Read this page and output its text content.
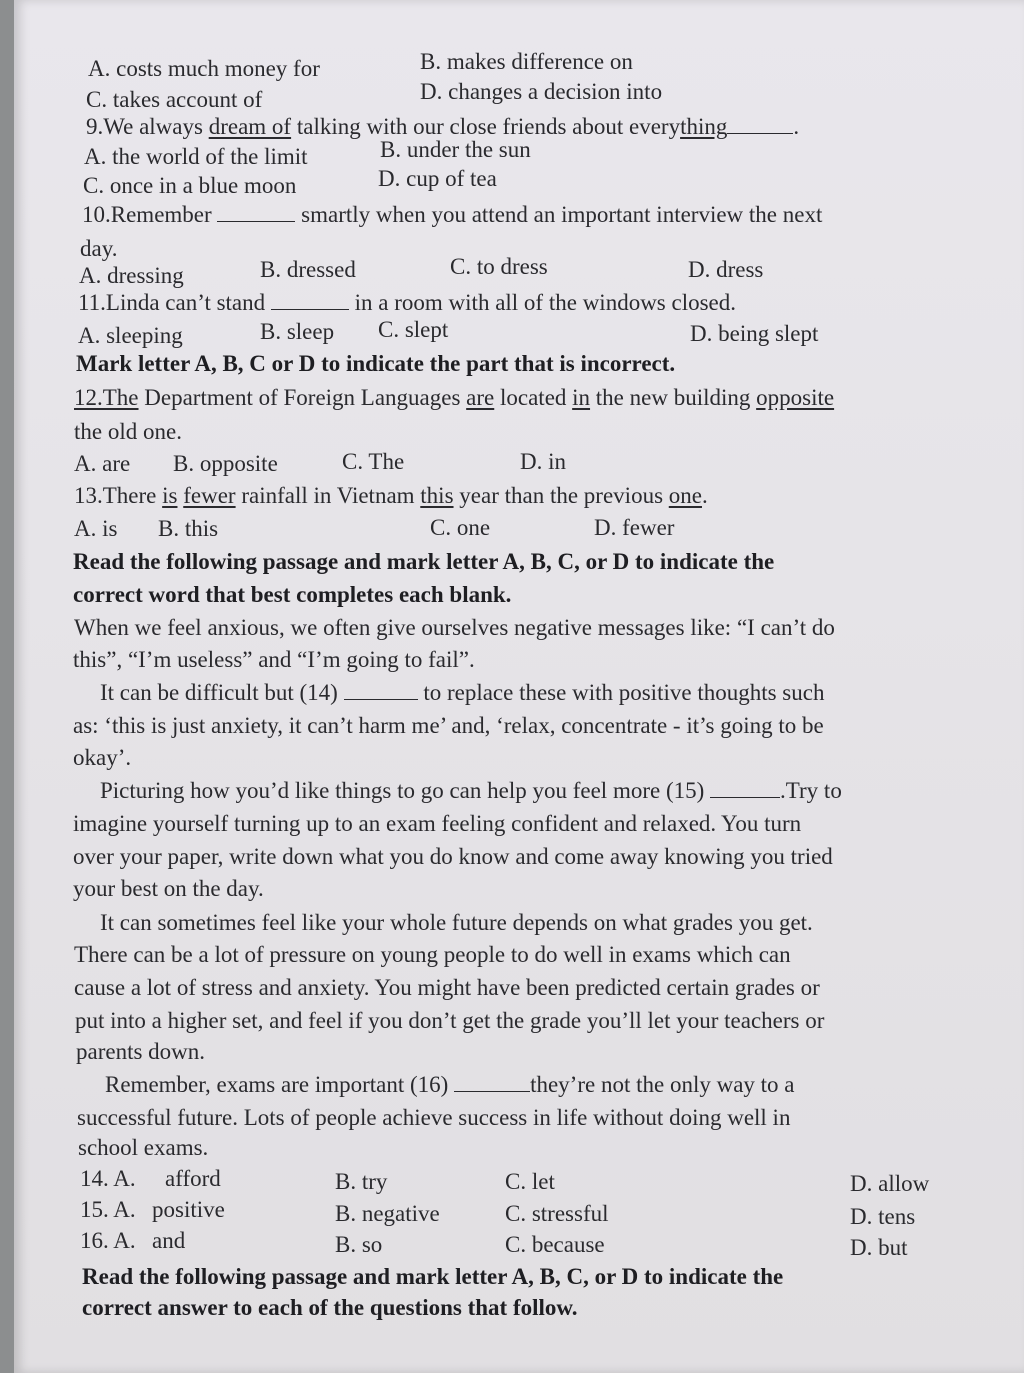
A. costs much money for	B. makes difference on
C. takes account of	D. changes a decision into
9.We always dream of talking with our close friends about everything	.
A. the world of the limit	B. under the sun
C. once in a blue moon	D. cup of tea
10.Remember	smartly when you attend an important interview the next
day.
A. dressing	B. dressed	C. to dress	D. dress
11.Linda can’t stand	in a room with all of the windows closed.
A. sleeping	B. sleep C. slept	D. being slept
Mark letter A, B, C or D to indicate the part that is incorrect.
12.The Department of Foreign Languages are located in the new building opposite
the old one.
A. are B. opposite	C. The	D. in
13.There is fewer rainfall in Vietnam this year than the previous one.
A. is B. this	C. one	D. fewer
Read the following passage and mark letter A, B, C, or D to indicate the
correct word that best completes each blank.
When we feel anxious, we often give ourselves negative messages like: “I can’t do
this”, “I’m useless” and “I’m going to fail”.
It can be difficult but (14)	to replace these with positive thoughts such
as: ‘this is just anxiety, it can’t harm me’ and, ‘relax, concentrate - it’s going to be
okay’.
Picturing how you’d like things to go can help you feel more (15)	.Try to
imagine yourself turning up to an exam feeling confident and relaxed. You turn
over your paper, write down what you do know and come away knowing you tried
your best on the day.
It can sometimes feel like your whole future depends on what grades you get.
There can be a lot of pressure on young people to do well in exams which can
cause a lot of stress and anxiety. You might have been predicted certain grades or
put into a higher set, and feel if you don’t get the grade you’ll let your teachers or
parents down.
Remember, exams are important (16)	they’re not the only way to a
successful future. Lots of people achieve success in life without doing well in
school exams.
14. A. afford	B. try	C. let	D. allow
15. A. positive	B. negative	C. stressful	D. tens
16. A. and	B. so	C. because	D. but
Read the following passage and mark letter A, B, C, or D to indicate the
correct answer to each of the questions that follow.
